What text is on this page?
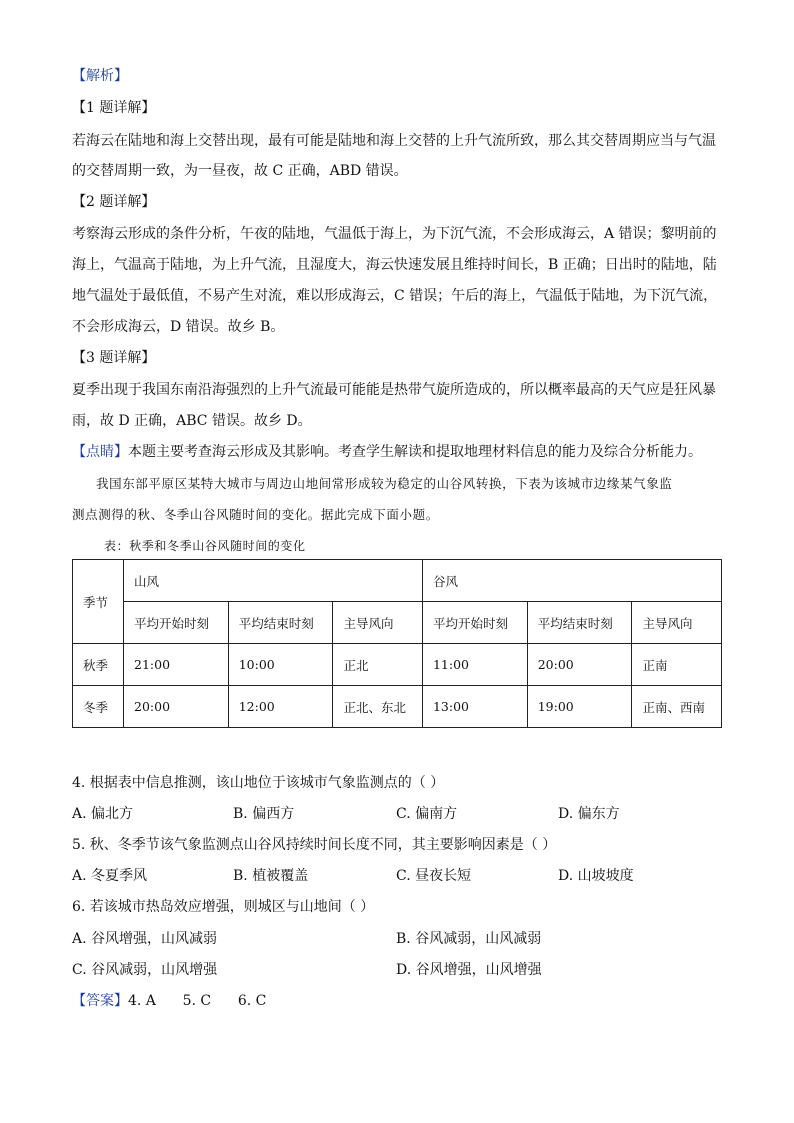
【解析】
【1 题详解】
若海云在陆地和海上交替出现，最有可能是陆地和海上交替的上升气流所致，那么其交替周期应当与气温
的交替周期一致，为一昼夜，故 C 正确，ABD 错误。
【2 题详解】
考察海云形成的条件分析，午夜的陆地，气温低于海上，为下沉气流，不会形成海云，A 错误；黎明前的
海上，气温高于陆地，为上升气流，且湿度大，海云快速发展且维持时间长，B 正确；日出时的陆地，陆
地气温处于最低值，不易产生对流，难以形成海云，C 错误；午后的海上，气温低于陆地，为下沉气流，
不会形成海云，D 错误。故乡 B。
【3 题详解】
夏季出现于我国东南沿海强烈的上升气流最可能能是热带气旋所造成的，所以概率最高的天气应是狂风暴
雨，故 D 正确，ABC 错误。故乡 D。
【点睛】本题主要考查海云形成及其影响。考查学生解读和提取地理材料信息的能力及综合分析能力。
我国东部平原区某特大城市与周边山地间常形成较为稳定的山谷风转换，下表为该城市边缘某气象监
测点测得的秋、冬季山谷风随时间的变化。据此完成下面小题。
表：秋季和冬季山谷风随时间的变化
季节	山风			谷风		
	平均开始时刻	平均结束时刻	主导风向	平均开始时刻	平均结束时刻	主导风向
秋季	21:00	10:00	正北	11:00	20:00	正南
冬季	20:00	12:00	正北、东北	13:00	19:00	正南、西南
4. 根据表中信息推测，该山地位于该城市气象监测点的（ ）
A. 偏北方	B. 偏西方	C. 偏南方	D. 偏东方
5. 秋、冬季节该气象监测点山谷风持续时间长度不同，其主要影响因素是（ ）
A. 冬夏季风	B. 植被覆盖	C. 昼夜长短	D. 山坡坡度
6. 若该城市热岛效应增强，则城区与山地间（ ）
A. 谷风增强，山风减弱	B. 谷风减弱，山风减弱
C. 谷风减弱，山风增强	D. 谷风增强，山风增强
【答案】4. A      5. C      6. C
